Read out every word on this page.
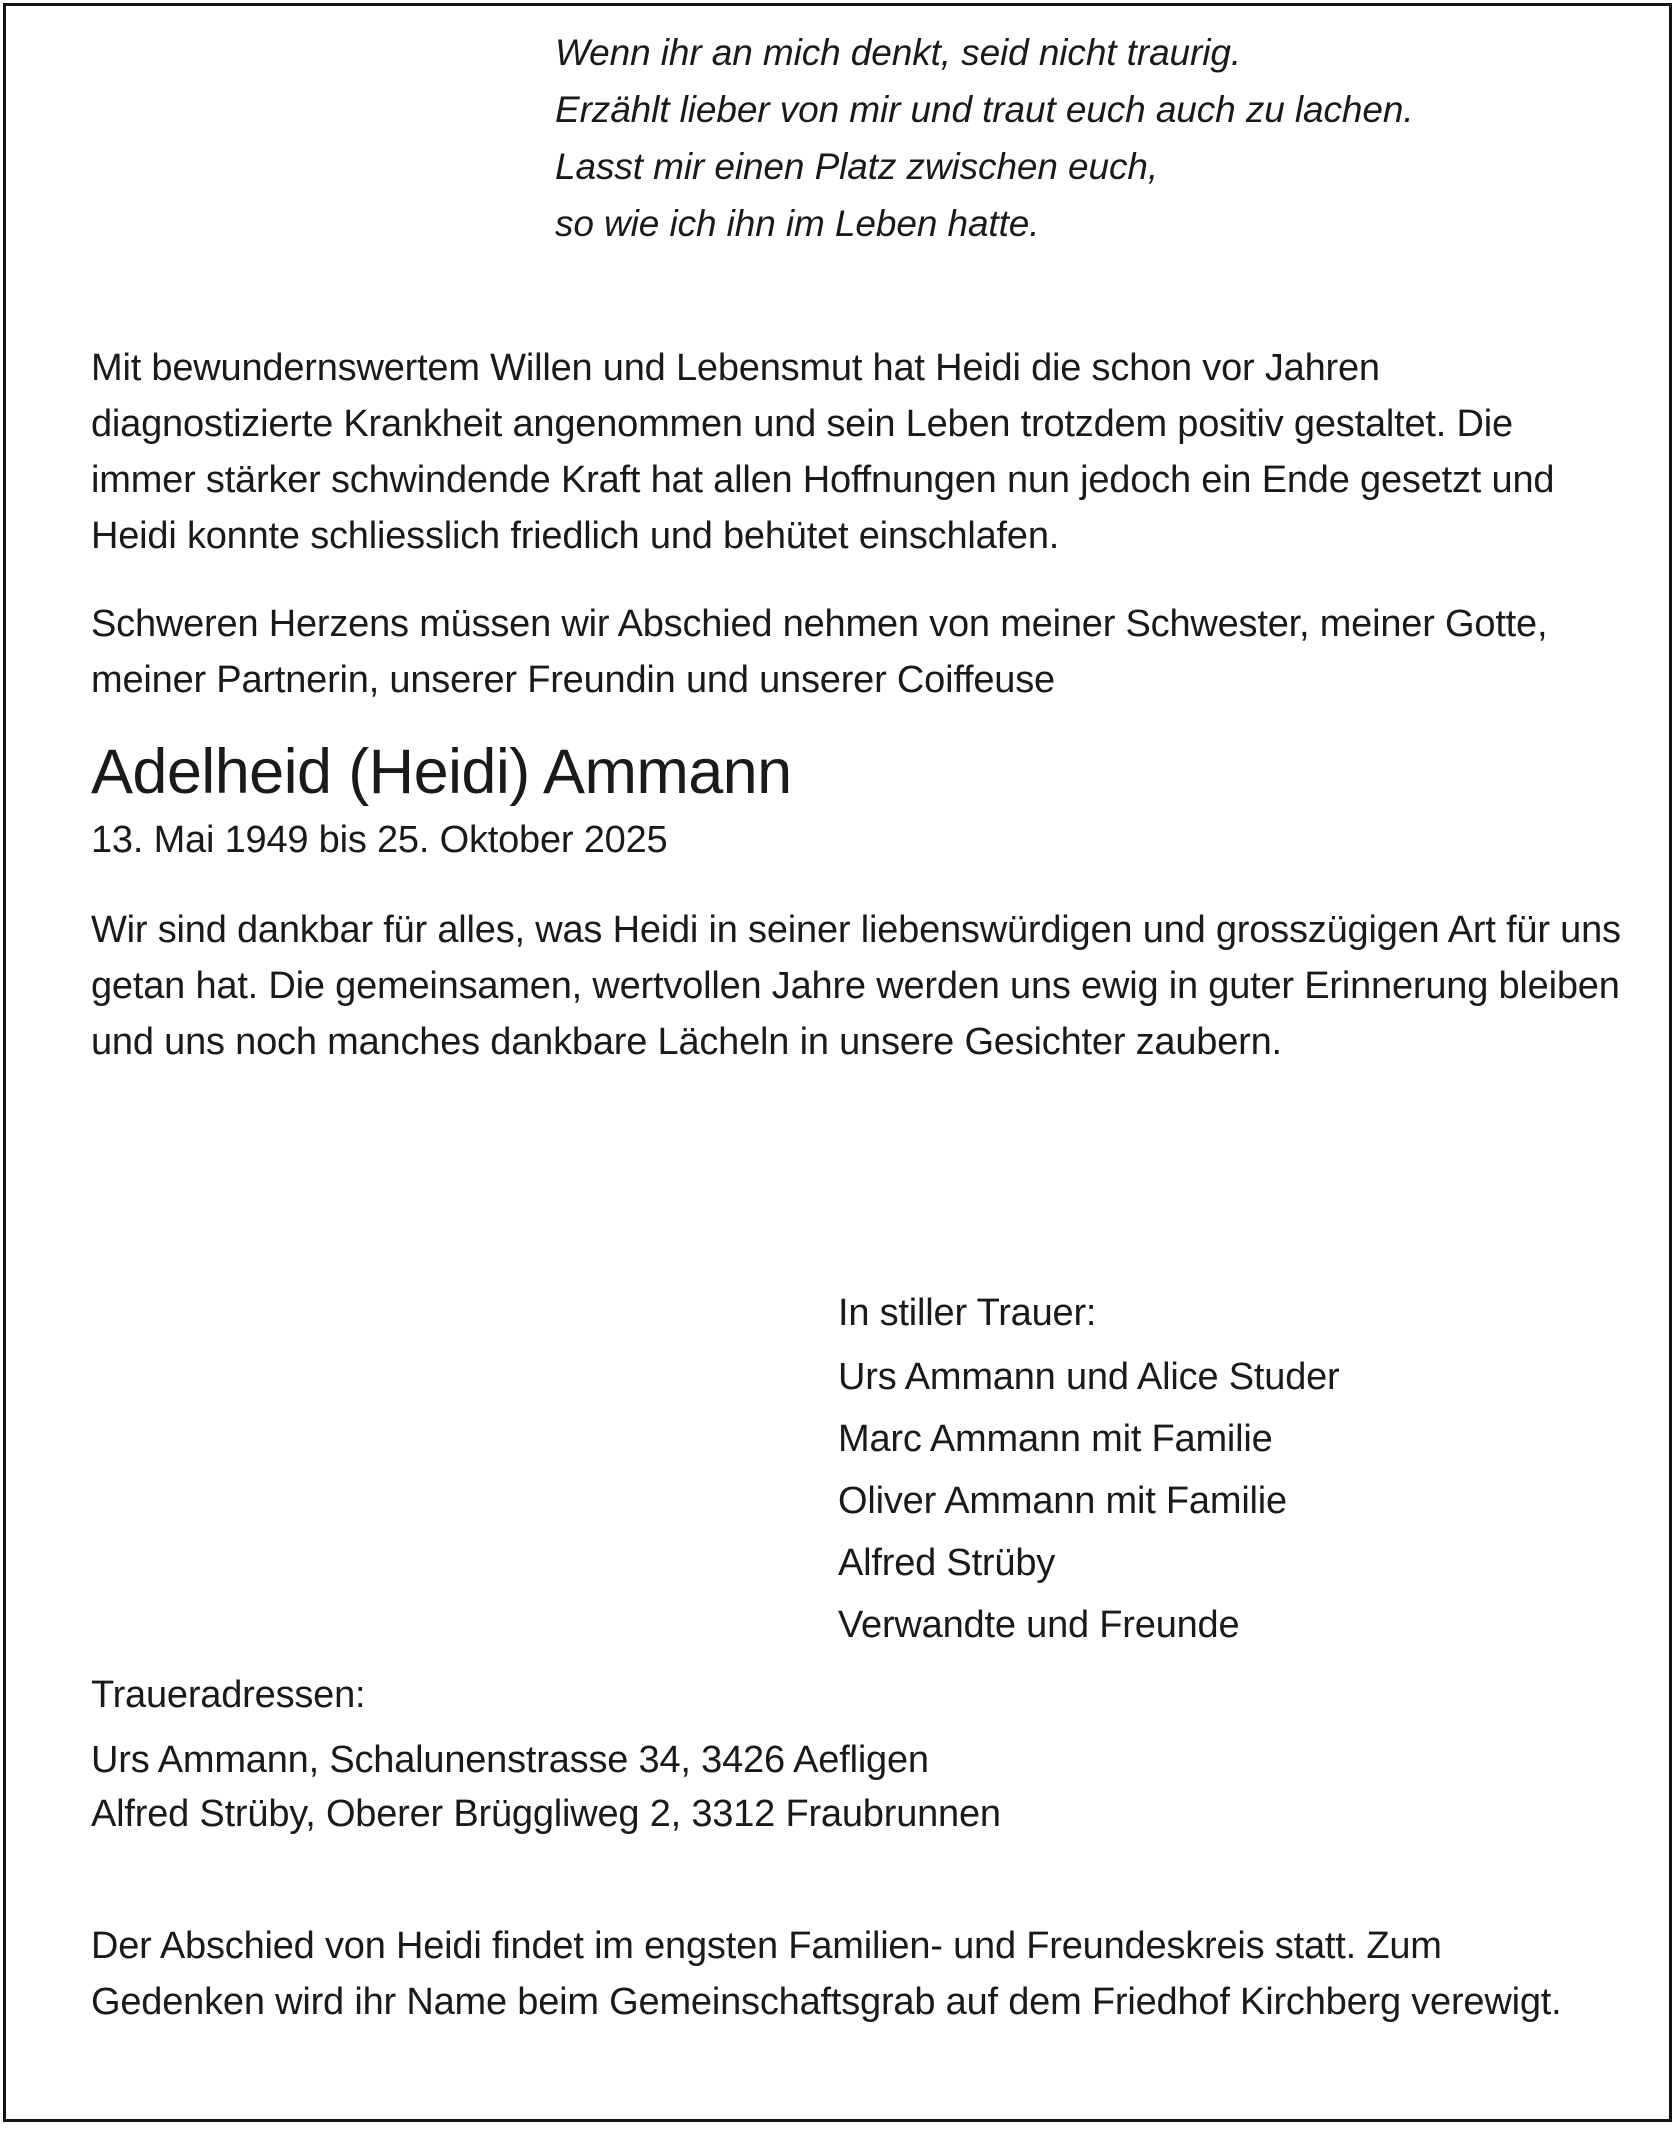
Wenn ihr an mich denkt, seid nicht traurig.
Erzählt lieber von mir und traut euch auch zu lachen.
Lasst mir einen Platz zwischen euch,
so wie ich ihn im Leben hatte.

Mit bewundernswertem Willen und Lebensmut hat Heidi die schon vor Jahren diagnostizierte Krankheit angenommen und sein Leben trotzdem positiv gestaltet. Die immer stärker schwindende Kraft hat allen Hoffnungen nun jedoch ein Ende gesetzt und Heidi konnte schliesslich friedlich und behütet einschlafen.

Schweren Herzens müssen wir Abschied nehmen von meiner Schwester, meiner Gotte, meiner Partnerin, unserer Freundin und unserer Coiffeuse

Adelheid (Heidi) Ammann

13. Mai 1949 bis 25. Oktober 2025

Wir sind dankbar für alles, was Heidi in seiner liebenswürdigen und grosszügigen Art für uns getan hat. Die gemeinsamen, wertvollen Jahre werden uns ewig in guter Erinnerung bleiben und uns noch manches dankbare Lächeln in unsere Gesichter zaubern.

In stiller Trauer:
Urs Ammann und Alice Studer
Marc Ammann mit Familie
Oliver Ammann mit Familie
Alfred Strüby
Verwandte und Freunde
Traueradressen:
Urs Ammann, Schalunenstrasse 34, 3426 Aefligen
Alfred Strüby, Oberer Brüggliweg 2, 3312 Fraubrunnen
Der Abschied von Heidi findet im engsten Familien- und Freundeskreis statt. Zum Gedenken wird ihr Name beim Gemeinschaftsgrab auf dem Friedhof Kirchberg verewigt.
